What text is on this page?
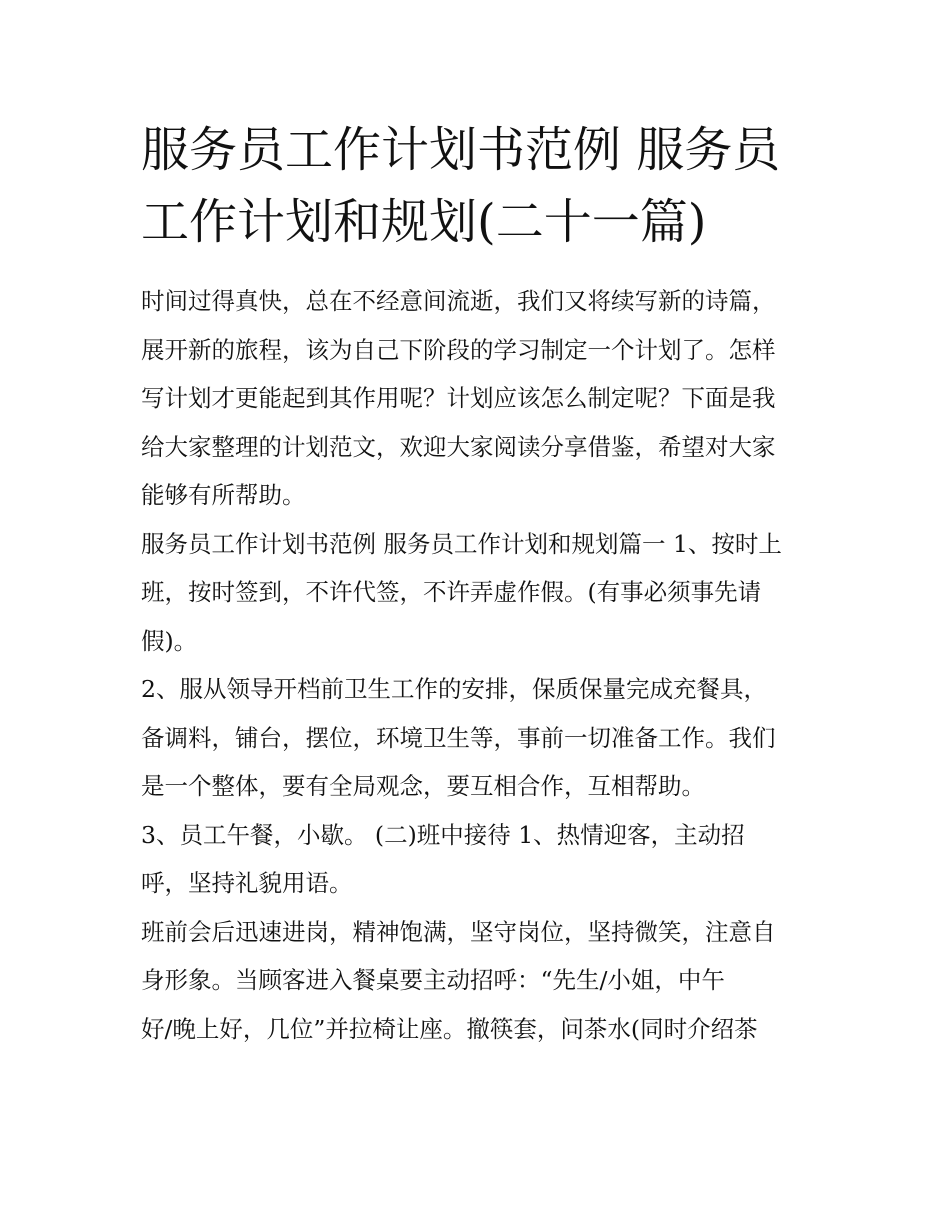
服务员工作计划书范例 服务员
工作计划和规划(二十一篇)
时间过得真快，总在不经意间流逝，我们又将续写新的诗篇，
展开新的旅程，该为自己下阶段的学习制定一个计划了。怎样
写计划才更能起到其作用呢？计划应该怎么制定呢？下面是我
给大家整理的计划范文，欢迎大家阅读分享借鉴，希望对大家
能够有所帮助。
服务员工作计划书范例 服务员工作计划和规划篇一 1、按时上
班，按时签到，不许代签，不许弄虚作假。(有事必须事先请
假)。
2、服从领导开档前卫生工作的安排，保质保量完成充餐具，
备调料，铺台，摆位，环境卫生等，事前一切准备工作。我们
是一个整体，要有全局观念，要互相合作，互相帮助。
3、员工午餐，小歇。 (二)班中接待 1、热情迎客，主动招
呼，坚持礼貌用语。
班前会后迅速进岗，精神饱满，坚守岗位，坚持微笑，注意自
身形象。当顾客进入餐桌要主动招呼：“先生/小姐，中午
好/晚上好，几位”并拉椅让座。撤筷套，问茶水(同时介绍茶
